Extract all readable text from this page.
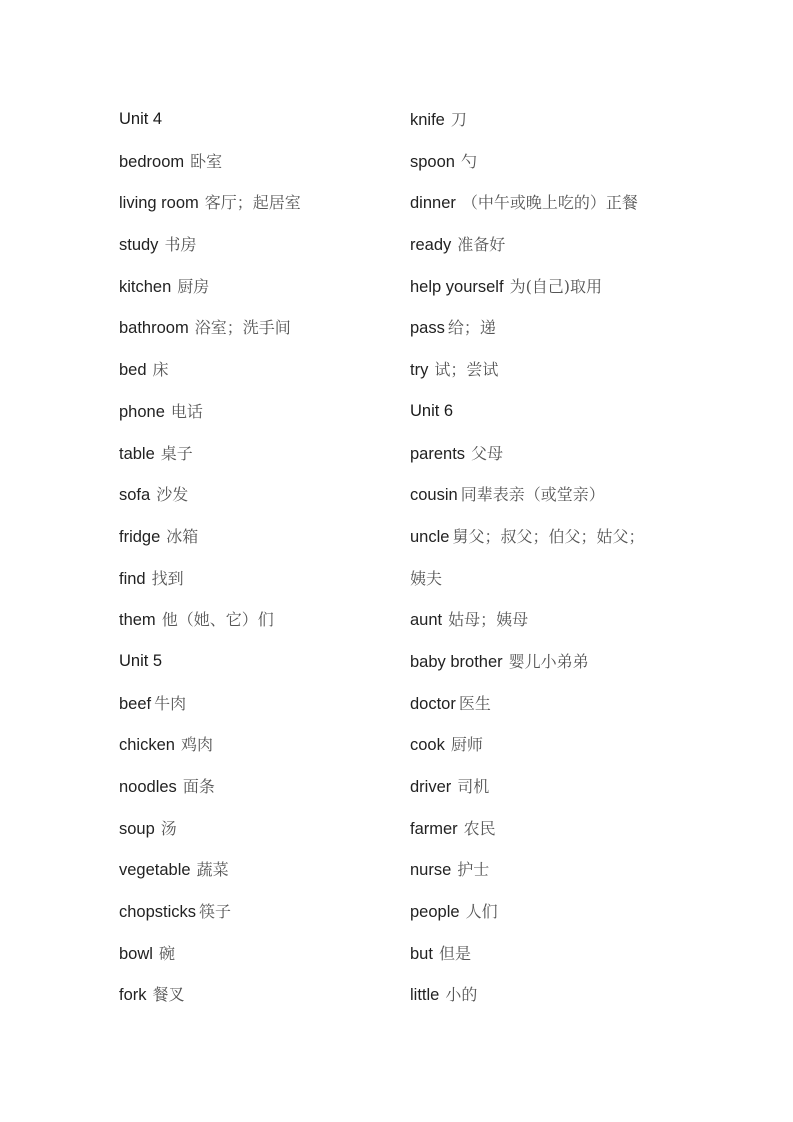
Unit 4
bedroom 卧室
living room 客厅；起居室
study 书房
kitchen 厨房
bathroom 浴室；洗手间
bed 床
phone 电话
table 桌子
sofa 沙发
fridge 冰箱
find 找到
them 他（她、它）们
Unit 5
beef 牛肉
chicken 鸡肉
noodles 面条
soup 汤
vegetable 蔬菜
chopsticks 筷子
bowl 碗
fork 餐叉
knife 刀
spoon 勺
dinner （中午或晚上吃的）正餐
ready 准备好
help yourself 为(自己)取用
pass 给；递
try 试；尝试
Unit 6
parents 父母
cousin 同辈表亲（或堂亲）
uncle 舅父；叔父；伯父；姑父；
姨夫
aunt 姑母；姨母
baby brother 婴儿小弟弟
doctor 医生
cook 厨师
driver 司机
farmer 农民
nurse 护士
people 人们
but 但是
little 小的
